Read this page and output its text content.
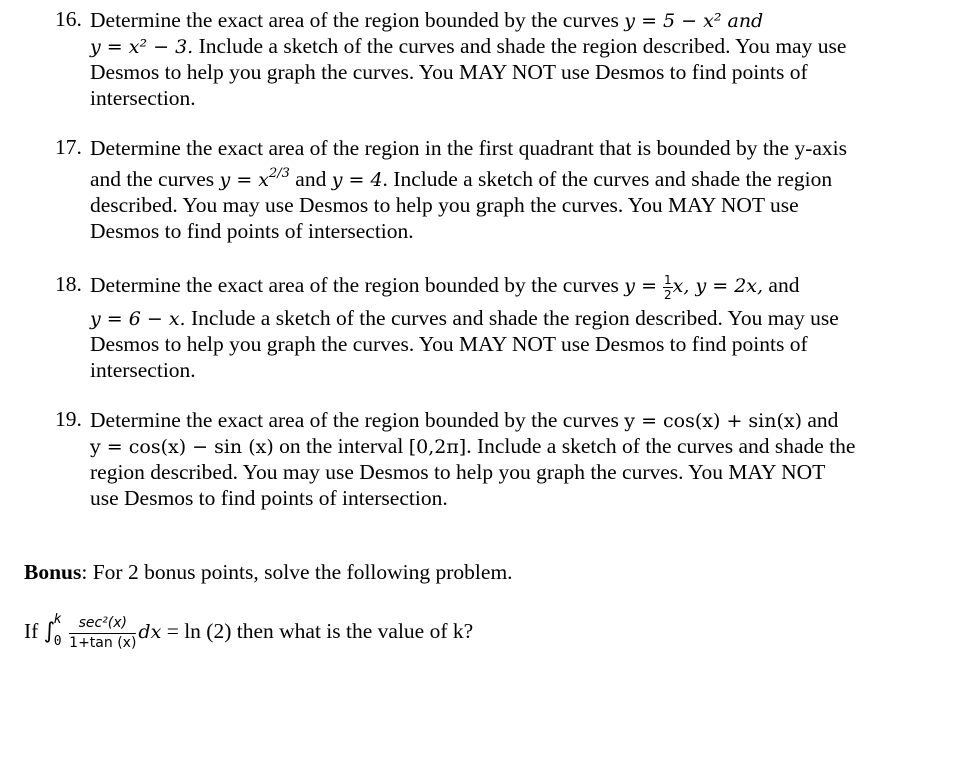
16. Determine the exact area of the region bounded by the curves y = 5 − x² and
y = x² − 3. Include a sketch of the curves and shade the region described. You may use
Desmos to help you graph the curves. You MAY NOT use Desmos to find points of
intersection.
17. Determine the exact area of the region in the first quadrant that is bounded by the y-axis
and the curves $y = x^{2/3}$ and y = 4. Include a sketch of the curves and shade the region
described. You may use Desmos to help you graph the curves. You MAY NOT use
Desmos to find points of intersection.
18. Determine the exact area of the region bounded by the curves $y = \frac{1}{2} x$, y = 2x, and
y = 6 − x. Include a sketch of the curves and shade the region described. You may use
Desmos to help you graph the curves. You MAY NOT use Desmos to find points of
intersection.
19. Determine the exact area of the region bounded by the curves y = cos(x) + sin(x) and
y = cos(x) − sin (x) on the interval [0,2π]. Include a sketch of the curves and shade the
region described. You may use Desmos to help you graph the curves. You MAY NOT
use Desmos to find points of intersection.
Bonus: For 2 bonus points, solve the following problem.
If ∫
k
0
sec²(x)
1+tan (x) dx = ln (2) then what is the value of k?
